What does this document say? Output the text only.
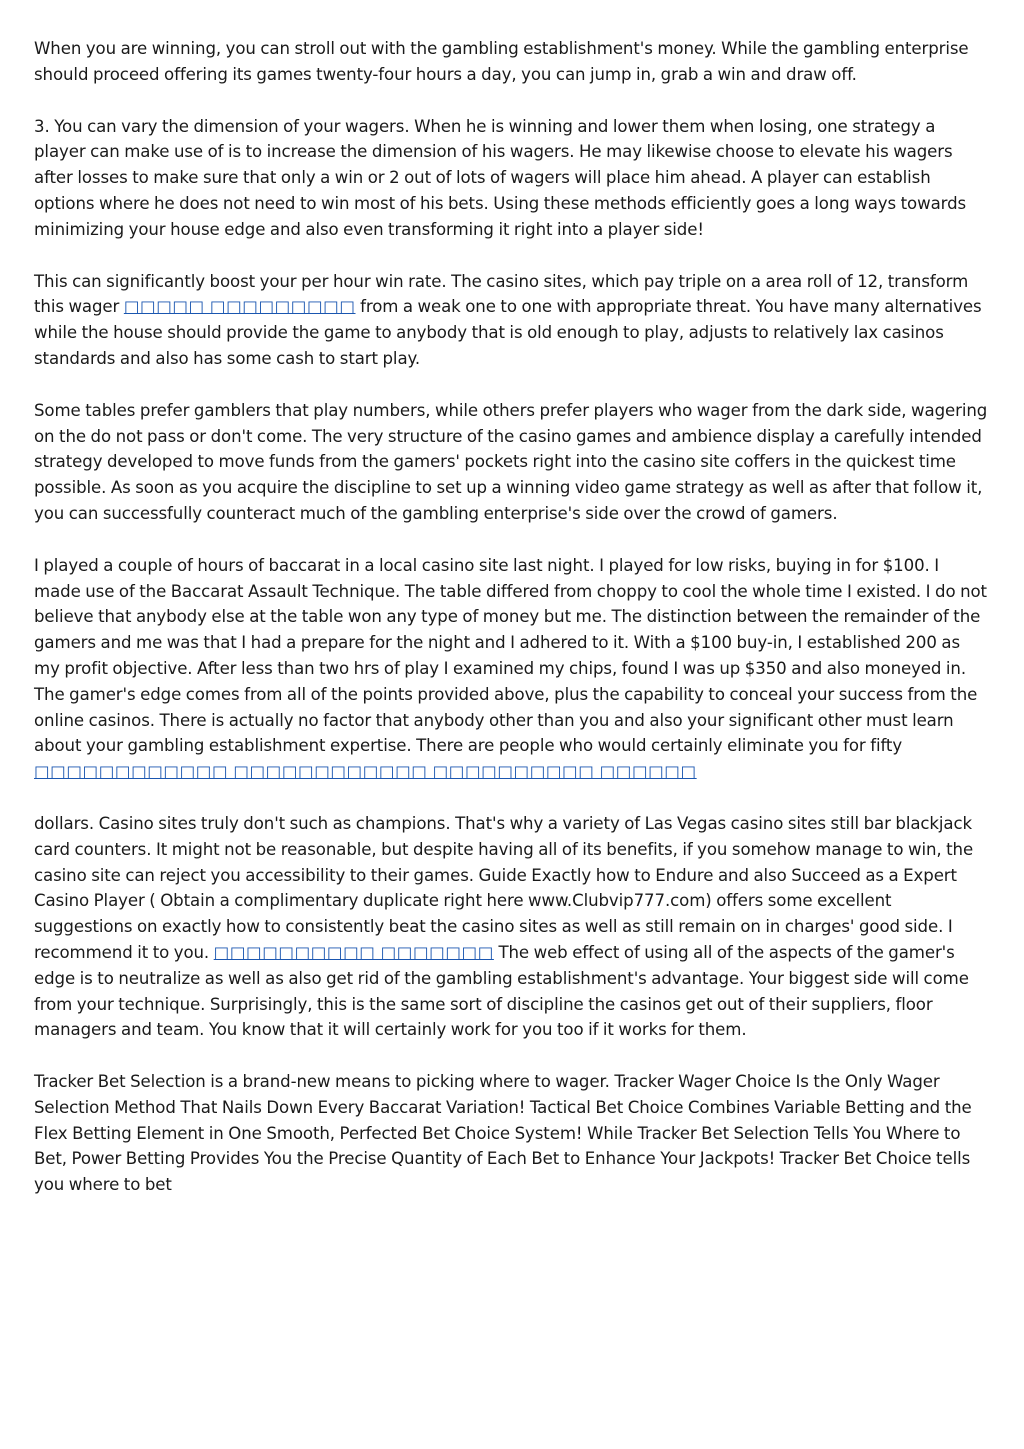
When you are winning, you can stroll out with the gambling establishment's money. While the gambling enterprise should proceed offering its games twenty-four hours a day, you can jump in, grab a win and draw off.

3. You can vary the dimension of your wagers. When he is winning and lower them when losing, one strategy a player can make use of is to increase the dimension of his wagers. He may likewise choose to elevate his wagers after losses to make sure that only a win or 2 out of lots of wagers will place him ahead. A player can establish options where he does not need to win most of his bets. Using these methods efficiently goes a long ways towards minimizing your house edge and also even transforming it right into a player side!

This can significantly boost your per hour win rate. The casino sites, which pay triple on a area roll of 12, transform this wager □□□□□ □□□□□□□□□ from a weak one to one with appropriate threat. You have many alternatives while the house should provide the game to anybody that is old enough to play, adjusts to relatively lax casinos standards and also has some cash to start play.

Some tables prefer gamblers that play numbers, while others prefer players who wager from the dark side, wagering on the do not pass or don't come. The very structure of the casino games and ambience display a carefully intended strategy developed to move funds from the gamers' pockets right into the casino site coffers in the quickest time possible. As soon as you acquire the discipline to set up a winning video game strategy as well as after that follow it, you can successfully counteract much of the gambling enterprise's side over the crowd of gamers.

I played a couple of hours of baccarat in a local casino site last night. I played for low risks, buying in for $100. I made use of the Baccarat Assault Technique. The table differed from choppy to cool the whole time I existed. I do not believe that anybody else at the table won any type of money but me. The distinction between the remainder of the gamers and me was that I had a prepare for the night and I adhered to it. With a $100 buy-in, I established 200 as my profit objective. After less than two hrs of play I examined my chips, found I was up $350 and also moneyed in. The gamer's edge comes from all of the points provided above, plus the capability to conceal your success from the online casinos. There is actually no factor that anybody other than you and also your significant other must learn about your gambling establishment expertise. There are people who would certainly eliminate you for fifty □□□□□□□□□□□□ □□□□□□□□□□□□ □□□□□□□□□□ □□□□□□

dollars. Casino sites truly don't such as champions. That's why a variety of Las Vegas casino sites still bar blackjack card counters. It might not be reasonable, but despite having all of its benefits, if you somehow manage to win, the casino site can reject you accessibility to their games. Guide Exactly how to Endure and also Succeed as a Expert Casino Player ( Obtain a complimentary duplicate right here www.Clubvip777.com) offers some excellent suggestions on exactly how to consistently beat the casino sites as well as still remain on in charges' good side. I recommend it to you. □□□□□□□□□□ □□□□□□□ The web effect of using all of the aspects of the gamer's edge is to neutralize as well as also get rid of the gambling establishment's advantage. Your biggest side will come from your technique. Surprisingly, this is the same sort of discipline the casinos get out of their suppliers, floor managers and team. You know that it will certainly work for you too if it works for them.

Tracker Bet Selection is a brand-new means to picking where to wager. Tracker Wager Choice Is the Only Wager Selection Method That Nails Down Every Baccarat Variation! Tactical Bet Choice Combines Variable Betting and the Flex Betting Element in One Smooth, Perfected Bet Choice System! While Tracker Bet Selection Tells You Where to Bet, Power Betting Provides You the Precise Quantity of Each Bet to Enhance Your Jackpots! Tracker Bet Choice tells you where to bet
